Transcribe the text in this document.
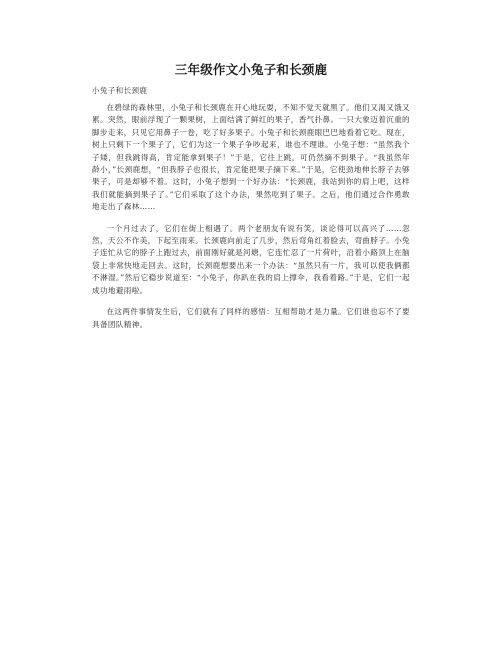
三年级作文小兔子和长颈鹿
小兔子和长颈鹿

在碧绿的森林里，小兔子和长颈鹿在开心地玩耍，不知不觉天就黑了。他们又渴又饿又累。突然，眼前浮现了一颗果树，上面结满了鲜红的果子，香气扑鼻。一只大象迈着沉重的脚步走来，只见它用鼻子一卷，吃了好多果子。小兔子和长颈鹿眼巴巴地看着它吃。现在，树上只剩下一个果子了，它们为这一个果子争吵起来，谁也不理谁。小兔子想：“虽然我个子矮，但我跳得高，肯定能拿到果子！”于是，它往上跳，可仍然摘不到果子。“我虽然年龄小，”长颈鹿想，“但我脖子也很长，肯定能把果子摘下来。”于是，它使劲地伸长脖子去够果子，可是却够不着。这时，小兔子想到一个好办法：“长颈鹿，我站到你的肩上吧，这样我们就能摘到果子了。”它们采取了这个办法，果然吃到了果子。之后，他们通过合作勇敢地走出了森林……

一个月过去了，它们在街上相遇了。两个老朋友有说有笑，谈论得可以高兴了……忽然，天公不作美，下起至雨来。长颈鹿向前走了几步，然后弯角红着脸去，弯曲脖子。小兔子连忙从它的脖子上跑过去，前面刚好就是河塘，它连忙忍了一片荷叶，沿着小路顶上在脑袋上非常快地走回去。这时，长颈鹿想要出来一个办法：“虽然只有一片，我可以使我俩都不淋湿。”然后它稳步说道至：“小兔子，你趴在我的肩上撑伞，我看着路。”于是，它们一起成功地避雨啦。

在这两件事情发生后，它们就有了同样的感悟：互相帮助才是力量。它们谁也忘不了要具备团队精神。
